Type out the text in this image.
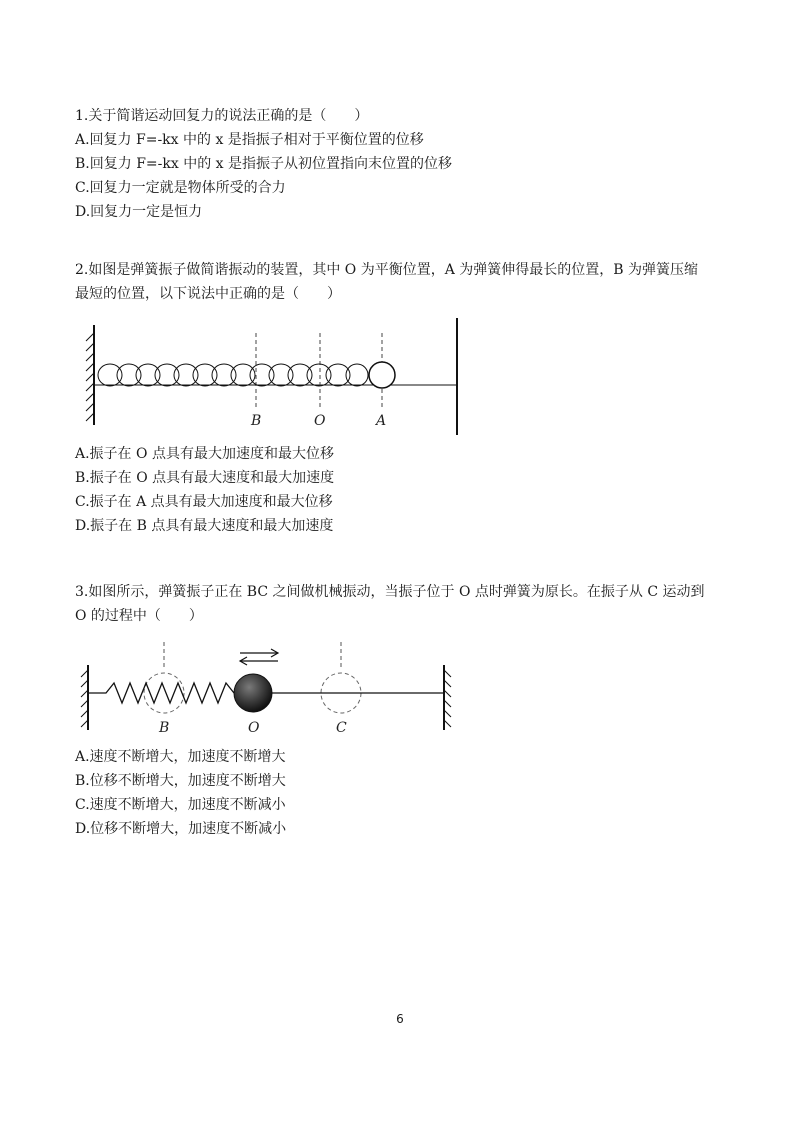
1.关于简谐运动回复力的说法正确的是（　　）
A.回复力 F=-kx 中的 x 是指振子相对于平衡位置的位移
B.回复力 F=-kx 中的 x 是指振子从初位置指向末位置的位移
C.回复力一定就是物体所受的合力
D.回复力一定是恒力
2.如图是弹簧振子做简谐振动的装置，其中 O 为平衡位置，A 为弹簧伸得最长的位置，B 为弹簧压缩
最短的位置，以下说法中正确的是（　　）
B	O	A
A.振子在 O 点具有最大加速度和最大位移
B.振子在 O 点具有最大速度和最大加速度
C.振子在 A 点具有最大加速度和最大位移
D.振子在 B 点具有最大速度和最大加速度
3.如图所示，弹簧振子正在 BC 之间做机械振动，当振子位于 O 点时弹簧为原长。在振子从 C 运动到
O 的过程中（　　）
B	O	C
A.速度不断增大，加速度不断增大
B.位移不断增大，加速度不断增大
C.速度不断增大，加速度不断减小
D.位移不断增大，加速度不断减小
6
